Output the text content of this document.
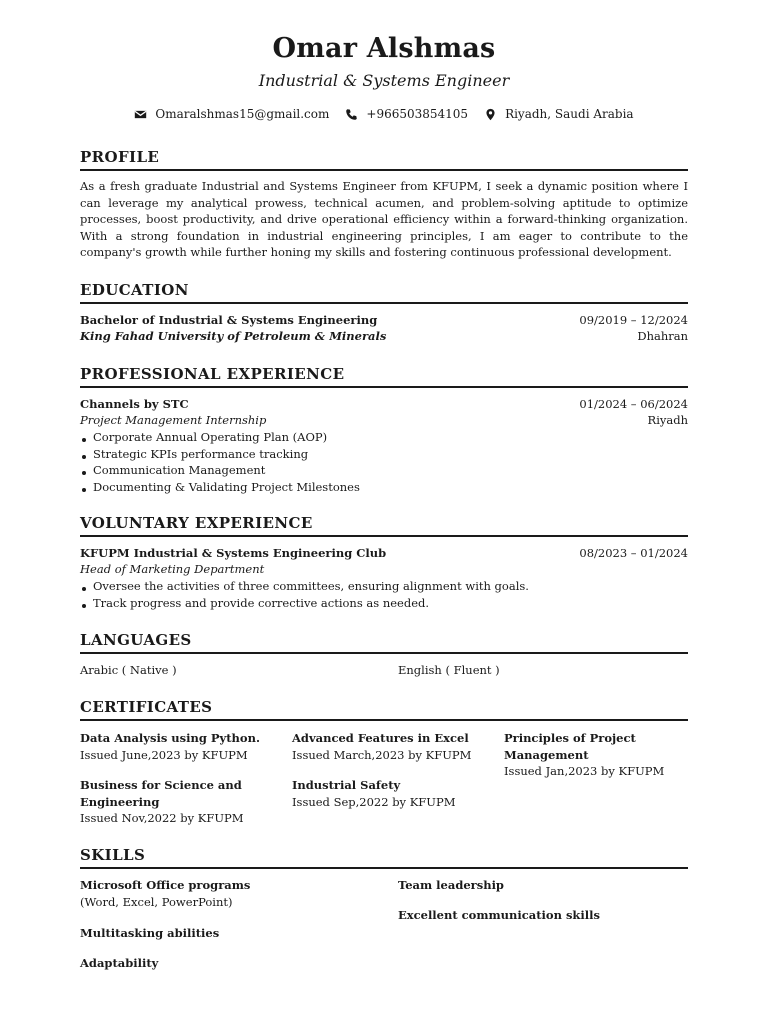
Omar Alshmas
Industrial & Systems Engineer
Omaralshmas15@gmail.com	+966503854105	Riyadh, Saudi Arabia
PROFILE
As a fresh graduate Industrial and Systems Engineer from KFUPM, I seek a dynamic position where I can leverage my analytical prowess, technical acumen, and problem-solving aptitude to optimize processes, boost productivity, and drive operational efficiency within a forward-thinking organization. With a strong foundation in industrial engineering principles, I am eager to contribute to the company's growth while further honing my skills and fostering continuous professional development.
EDUCATION
Bachelor of Industrial & Systems Engineering	09/2019 – 12/2024
King Fahad University of Petroleum & Minerals	Dhahran
PROFESSIONAL EXPERIENCE
Channels by STC	01/2024 – 06/2024
Project Management Internship	Riyadh
Corporate Annual Operating Plan (AOP)
Strategic KPIs performance tracking
Communication Management
Documenting & Validating Project Milestones
VOLUNTARY EXPERIENCE
KFUPM Industrial & Systems Engineering Club	08/2023 – 01/2024
Head of Marketing Department
Oversee the activities of three committees, ensuring alignment with goals.
Track progress and provide corrective actions as needed.
LANGUAGES
Arabic ( Native )	English ( Fluent )
CERTIFICATES
Data Analysis using Python.
Issued June,2023 by KFUPM
Advanced Features in Excel
Issued March,2023 by KFUPM
Principles of Project Management
Issued Jan,2023 by KFUPM
Business for Science and Engineering
Issued Nov,2022 by KFUPM
Industrial Safety
Issued Sep,2022 by KFUPM
SKILLS
Microsoft Office programs
(Word, Excel, PowerPoint)
Team leadership
Excellent communication skills
Multitasking abilities
Adaptability
